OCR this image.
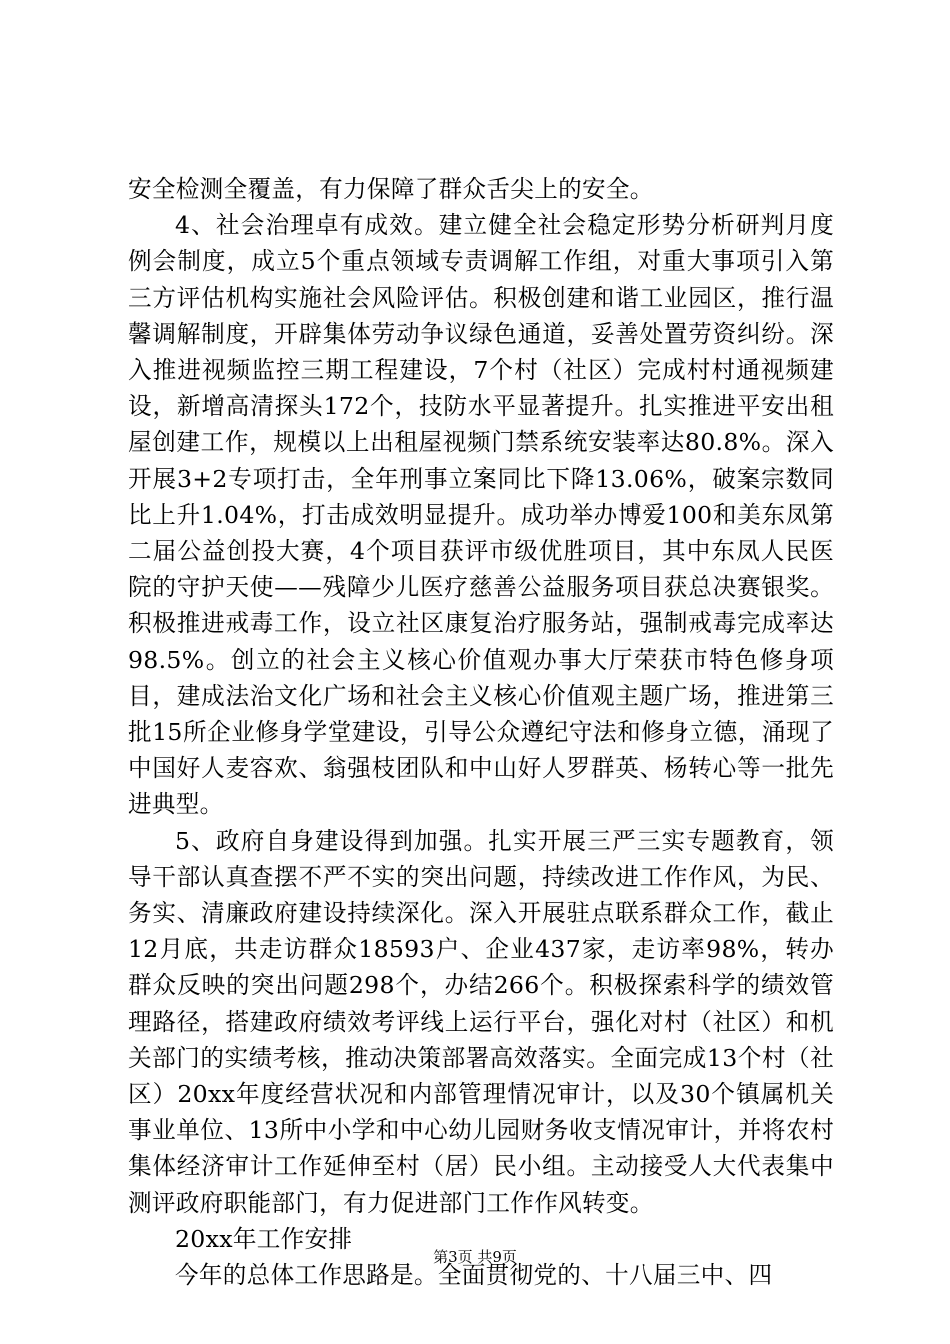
安全检测全覆盖，有力保障了群众舌尖上的安全。

4、社会治理卓有成效。建立健全社会稳定形势分析研判月度例会制度，成立5个重点领域专责调解工作组，对重大事项引入第三方评估机构实施社会风险评估。积极创建和谐工业园区，推行温馨调解制度，开辟集体劳动争议绿色通道，妥善处置劳资纠纷。深入推进视频监控三期工程建设，7个村（社区）完成村村通视频建设，新增高清探头172个，技防水平显著提升。扎实推进平安出租屋创建工作，规模以上出租屋视频门禁系统安装率达80.8%。深入开展3+2专项打击，全年刑事立案同比下降13.06%，破案宗数同比上升1.04%，打击成效明显提升。成功举办博爱100和美东凤第二届公益创投大赛，4个项目获评市级优胜项目，其中东凤人民医院的守护天使——残障少儿医疗慈善公益服务项目获总决赛银奖。积极推进戒毒工作，设立社区康复治疗服务站，强制戒毒完成率达98.5%。创立的社会主义核心价值观办事大厅荣获市特色修身项目，建成法治文化广场和社会主义核心价值观主题广场，推进第三批15所企业修身学堂建设，引导公众遵纪守法和修身立德，涌现了中国好人麦容欢、翁强枝团队和中山好人罗群英、杨转心等一批先进典型。

5、政府自身建设得到加强。扎实开展三严三实专题教育，领导干部认真查摆不严不实的突出问题，持续改进工作作风，为民、务实、清廉政府建设持续深化。深入开展驻点联系群众工作，截止12月底，共走访群众18593户、企业437家，走访率98%，转办群众反映的突出问题298个，办结266个。积极探索科学的绩效管理路径，搭建政府绩效考评线上运行平台，强化对村（社区）和机关部门的实绩考核，推动决策部署高效落实。全面完成13个村（社区）20xx年度经营状况和内部管理情况审计，以及30个镇属机关事业单位、13所中小学和中心幼儿园财务收支情况审计，并将农村集体经济审计工作延伸至村（居）民小组。主动接受人大代表集中测评政府职能部门，有力促进部门工作作风转变。

20xx年工作安排

今年的总体工作思路是。全面贯彻党的、十八届三中、四

第3页 共9页
